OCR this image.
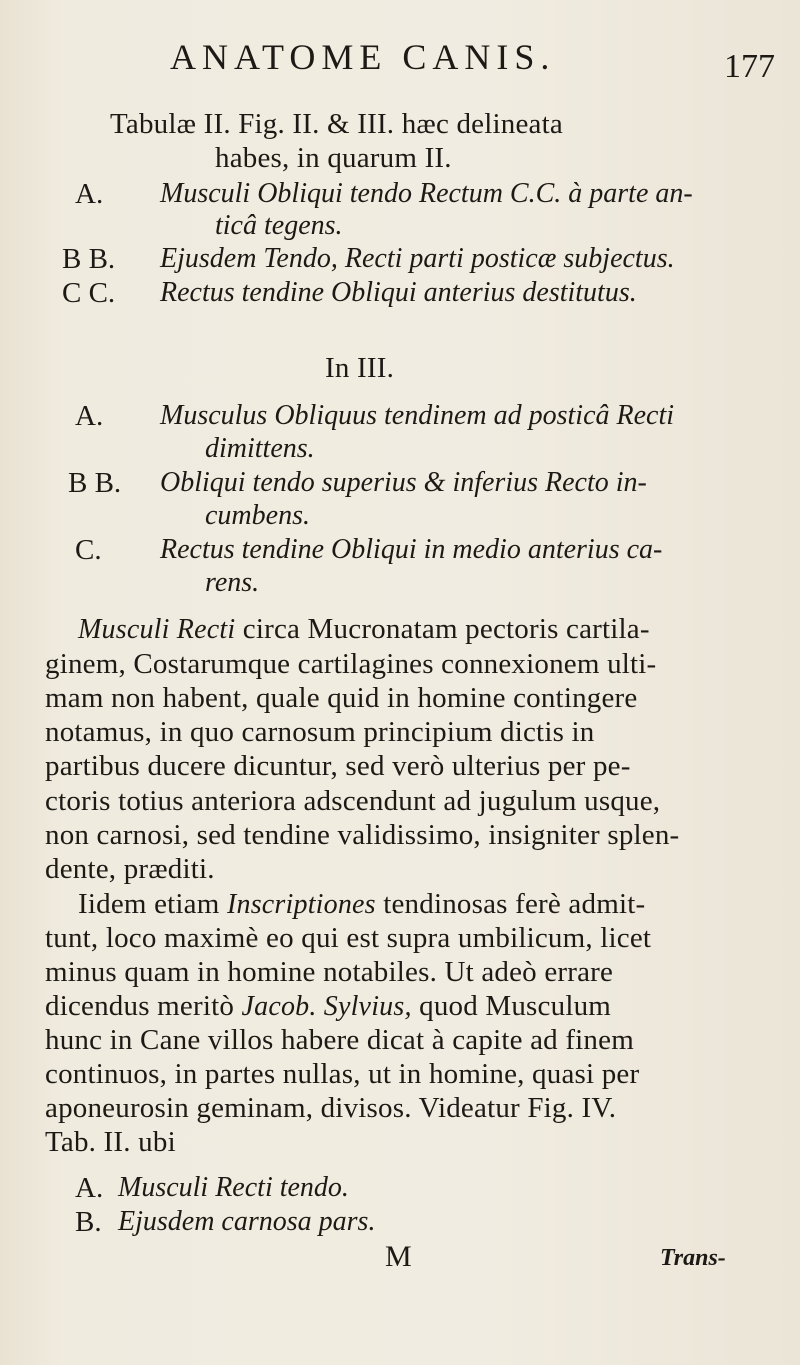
ANATOME CANIS.	177
Tabulæ II. Fig. II. & III. hæc delineata
habes, in quarum II.
A. Musculi Obliqui tendo Rectum C.C. à parte an-
ticâ tegens.
B B. Ejusdem Tendo, Recti parti posticæ subjectus.
C C. Rectus tendine Obliqui anterius destitutus.
In III.
A. Musculus Obliquus tendinem ad posticâ Recti
dimittens.
B B. Obliqui tendo superius & inferius Recto in-
cumbens.
C. Rectus tendine Obliqui in medio anterius ca-
rens.
Musculi Recti circa Mucronatam pectoris cartila-
ginem, Costarumque cartilagines connexionem ulti-
mam non habent, quale quid in homine contingere
notamus, in quo carnosum principium dictis in
partibus ducere dicuntur, sed verò ulterius per pe-
ctoris totius anteriora adscendunt ad jugulum usque,
non carnosi, sed tendine validissimo, insigniter splen-
dente, præditi.
Iidem etiam Inscriptiones tendinosas ferè admit-
tunt, loco maximè eo qui est supra umbilicum, licet
minus quam in homine notabiles. Ut adeò errare
dicendus meritò Jacob. Sylvius, quod Musculum
hunc in Cane villos habere dicat à capite ad finem
continuos, in partes nullas, ut in homine, quasi per
aponeurosin geminam, divisos. Videatur Fig. IV.
Tab. II. ubi
A. Musculi Recti tendo.
B. Ejusdem carnosa pars.
M	Trans-
